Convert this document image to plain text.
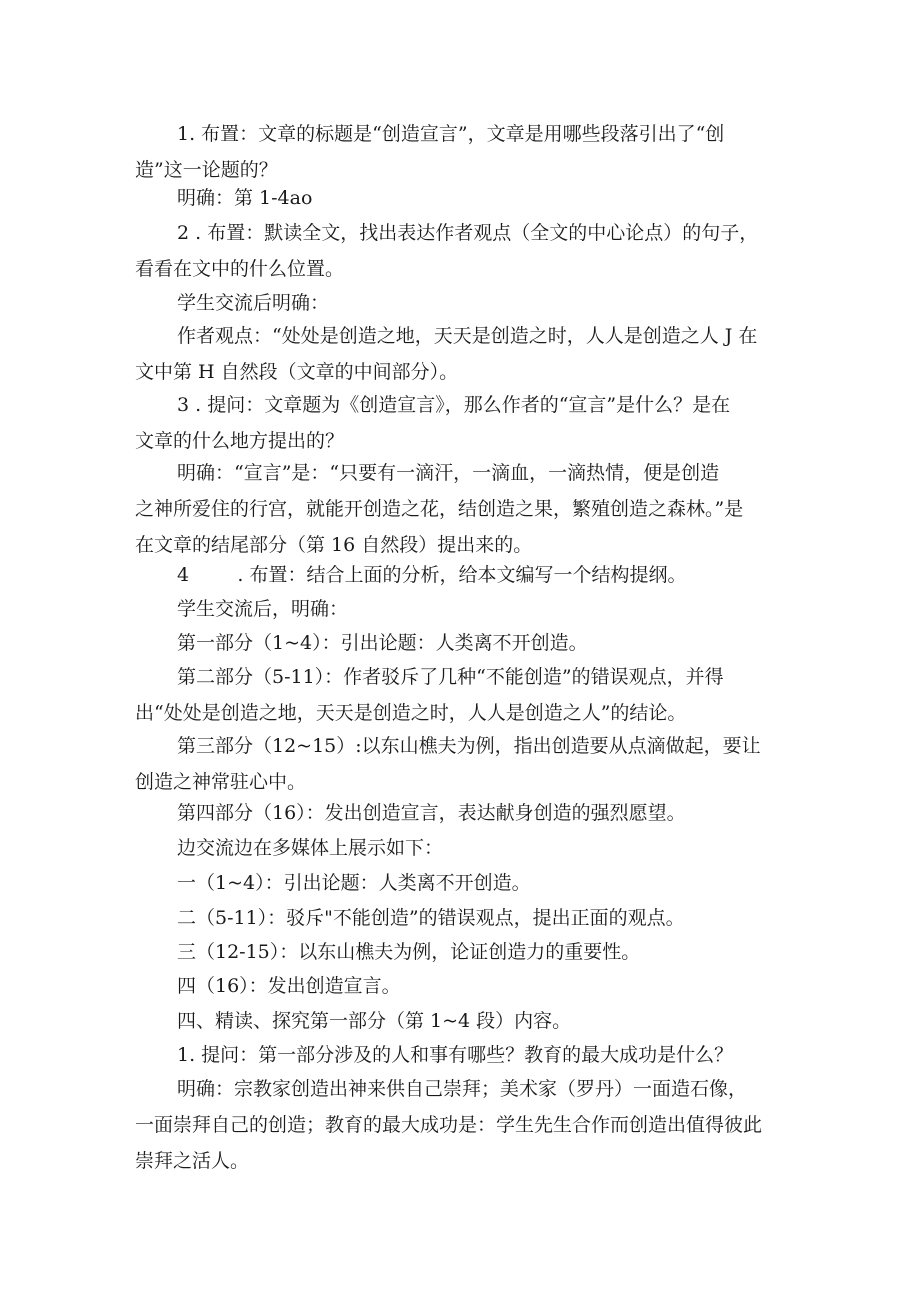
1. 布置：文章的标题是“创造宣言”，文章是用哪些段落引出了“创
造”这一论题的？
明确：第 1-4ao
2 . 布置：默读全文，找出表达作者观点（全文的中心论点）的句子，
看看在文中的什么位置。
学生交流后明确：
作者观点：“处处是创造之地，天天是创造之时，人人是创造之人 J 在
文中第 H 自然段（文章的中间部分）。
3 . 提问：文章题为《创造宣言》，那么作者的“宣言”是什么？是在
文章的什么地方提出的？
明确：“宣言”是：“只要有一滴汗，一滴血，一滴热情，便是创造
之神所爱住的行宫，就能开创造之花，结创造之果，繁殖创造之森林。”是
在文章的结尾部分（第 16 自然段）提出来的。
4        . 布置：结合上面的分析，给本文编写一个结构提纲。
学生交流后，明确：
第一部分（1~4）：引出论题：人类离不开创造。
第二部分（5-11）：作者驳斥了几种“不能创造”的错误观点，并得
出“处处是创造之地，天天是创造之时，人人是创造之人”的结论。
第三部分（12~15）:以东山樵夫为例，指出创造要从点滴做起，要让
创造之神常驻心中。
第四部分（16）：发出创造宣言，表达献身创造的强烈愿望。
边交流边在多媒体上展示如下：
一（1~4）：引出论题：人类离不开创造。
二（5-11）：驳斥"不能创造”的错误观点，提出正面的观点。
三（12-15）：以东山樵夫为例，论证创造力的重要性。
四（16）：发出创造宣言。
四、精读、探究第一部分（第 1~4 段）内容。
1. 提问：第一部分涉及的人和事有哪些？教育的最大成功是什么？
明确：宗教家创造出神来供自己崇拜；美术家（罗丹）一面造石像，
一面崇拜自己的创造；教育的最大成功是：学生先生合作而创造出值得彼此
崇拜之活人。
